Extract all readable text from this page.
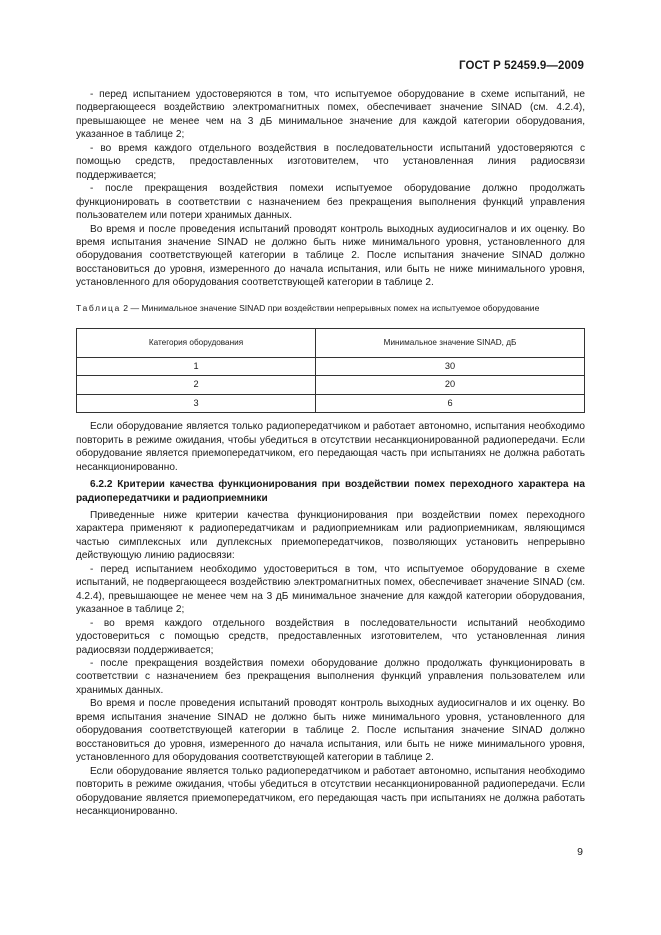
ГОСТ Р 52459.9—2009

- перед испытанием удостоверяются в том, что испытуемое оборудование в схеме испытаний, не подвергающееся воздействию электромагнитных помех, обеспечивает значение SINAD (см. 4.2.4), превышающее не менее чем на 3 дБ минимальное значение для каждой категории оборудования, указанное в таблице 2;

- во время каждого отдельного воздействия в последовательности испытаний удостоверяются с помощью средств, предоставленных изготовителем, что установленная линия радиосвязи поддерживается;

- после прекращения воздействия помехи испытуемое оборудование должно продолжать функционировать в соответствии с назначением без прекращения выполнения функций управления пользователем или потери хранимых данных.

Во время и после проведения испытаний проводят контроль выходных аудиосигналов и их оценку. Во время испытания значение SINAD не должно быть ниже минимального уровня, установленного для оборудования соответствующей категории в таблице 2. После испытания значение SINAD должно восстановиться до уровня, измеренного до начала испытания, или быть не ниже минимального уровня, установленного для оборудования соответствующей категории в таблице 2.

Таблица 2 — Минимальное значение SINAD при воздействии непрерывных помех на испытуемое оборудование

Категория оборудования	Минимальное значение SINAD, дБ
1	30
2	20
3	6

Если оборудование является только радиопередатчиком и работает автономно, испытания необходимо повторить в режиме ожидания, чтобы убедиться в отсутствии несанкционированной радиопередачи. Если оборудование является приемопередатчиком, его передающая часть при испытаниях не должна работать несанкционированно.

6.2.2 Критерии качества функционирования при воздействии помех переходного характера на радиопередатчики и радиоприемники

Приведенные ниже критерии качества функционирования при воздействии помех переходного характера применяют к радиопередатчикам и радиоприемникам или радиоприемникам, являющимся частью симплексных или дуплексных приемопередатчиков, позволяющих установить непрерывно действующую линию радиосвязи:

- перед испытанием необходимо удостовериться в том, что испытуемое оборудование в схеме испытаний, не подвергающееся воздействию электромагнитных помех, обеспечивает значение SINAD (см. 4.2.4), превышающее не менее чем на 3 дБ минимальное значение для каждой категории оборудования, указанное в таблице 2;

- во время каждого отдельного воздействия в последовательности испытаний необходимо удостовериться с помощью средств, предоставленных изготовителем, что установленная линия радиосвязи поддерживается;

- после прекращения воздействия помехи оборудование должно продолжать функционировать в соответствии с назначением без прекращения выполнения функций управления пользователем или хранимых данных.

Во время и после проведения испытаний проводят контроль выходных аудиосигналов и их оценку. Во время испытания значение SINAD не должно быть ниже минимального уровня, установленного для оборудования соответствующей категории в таблице 2. После испытания значение SINAD должно восстановиться до уровня, измеренного до начала испытания, или быть не ниже минимального уровня, установленного для оборудования соответствующей категории в таблице 2.

Если оборудование является только радиопередатчиком и работает автономно, испытания необходимо повторить в режиме ожидания, чтобы убедиться в отсутствии несанкционированной радиопередачи. Если оборудование является приемопередатчиком, его передающая часть при испытаниях не должна работать несанкционированно.

9
